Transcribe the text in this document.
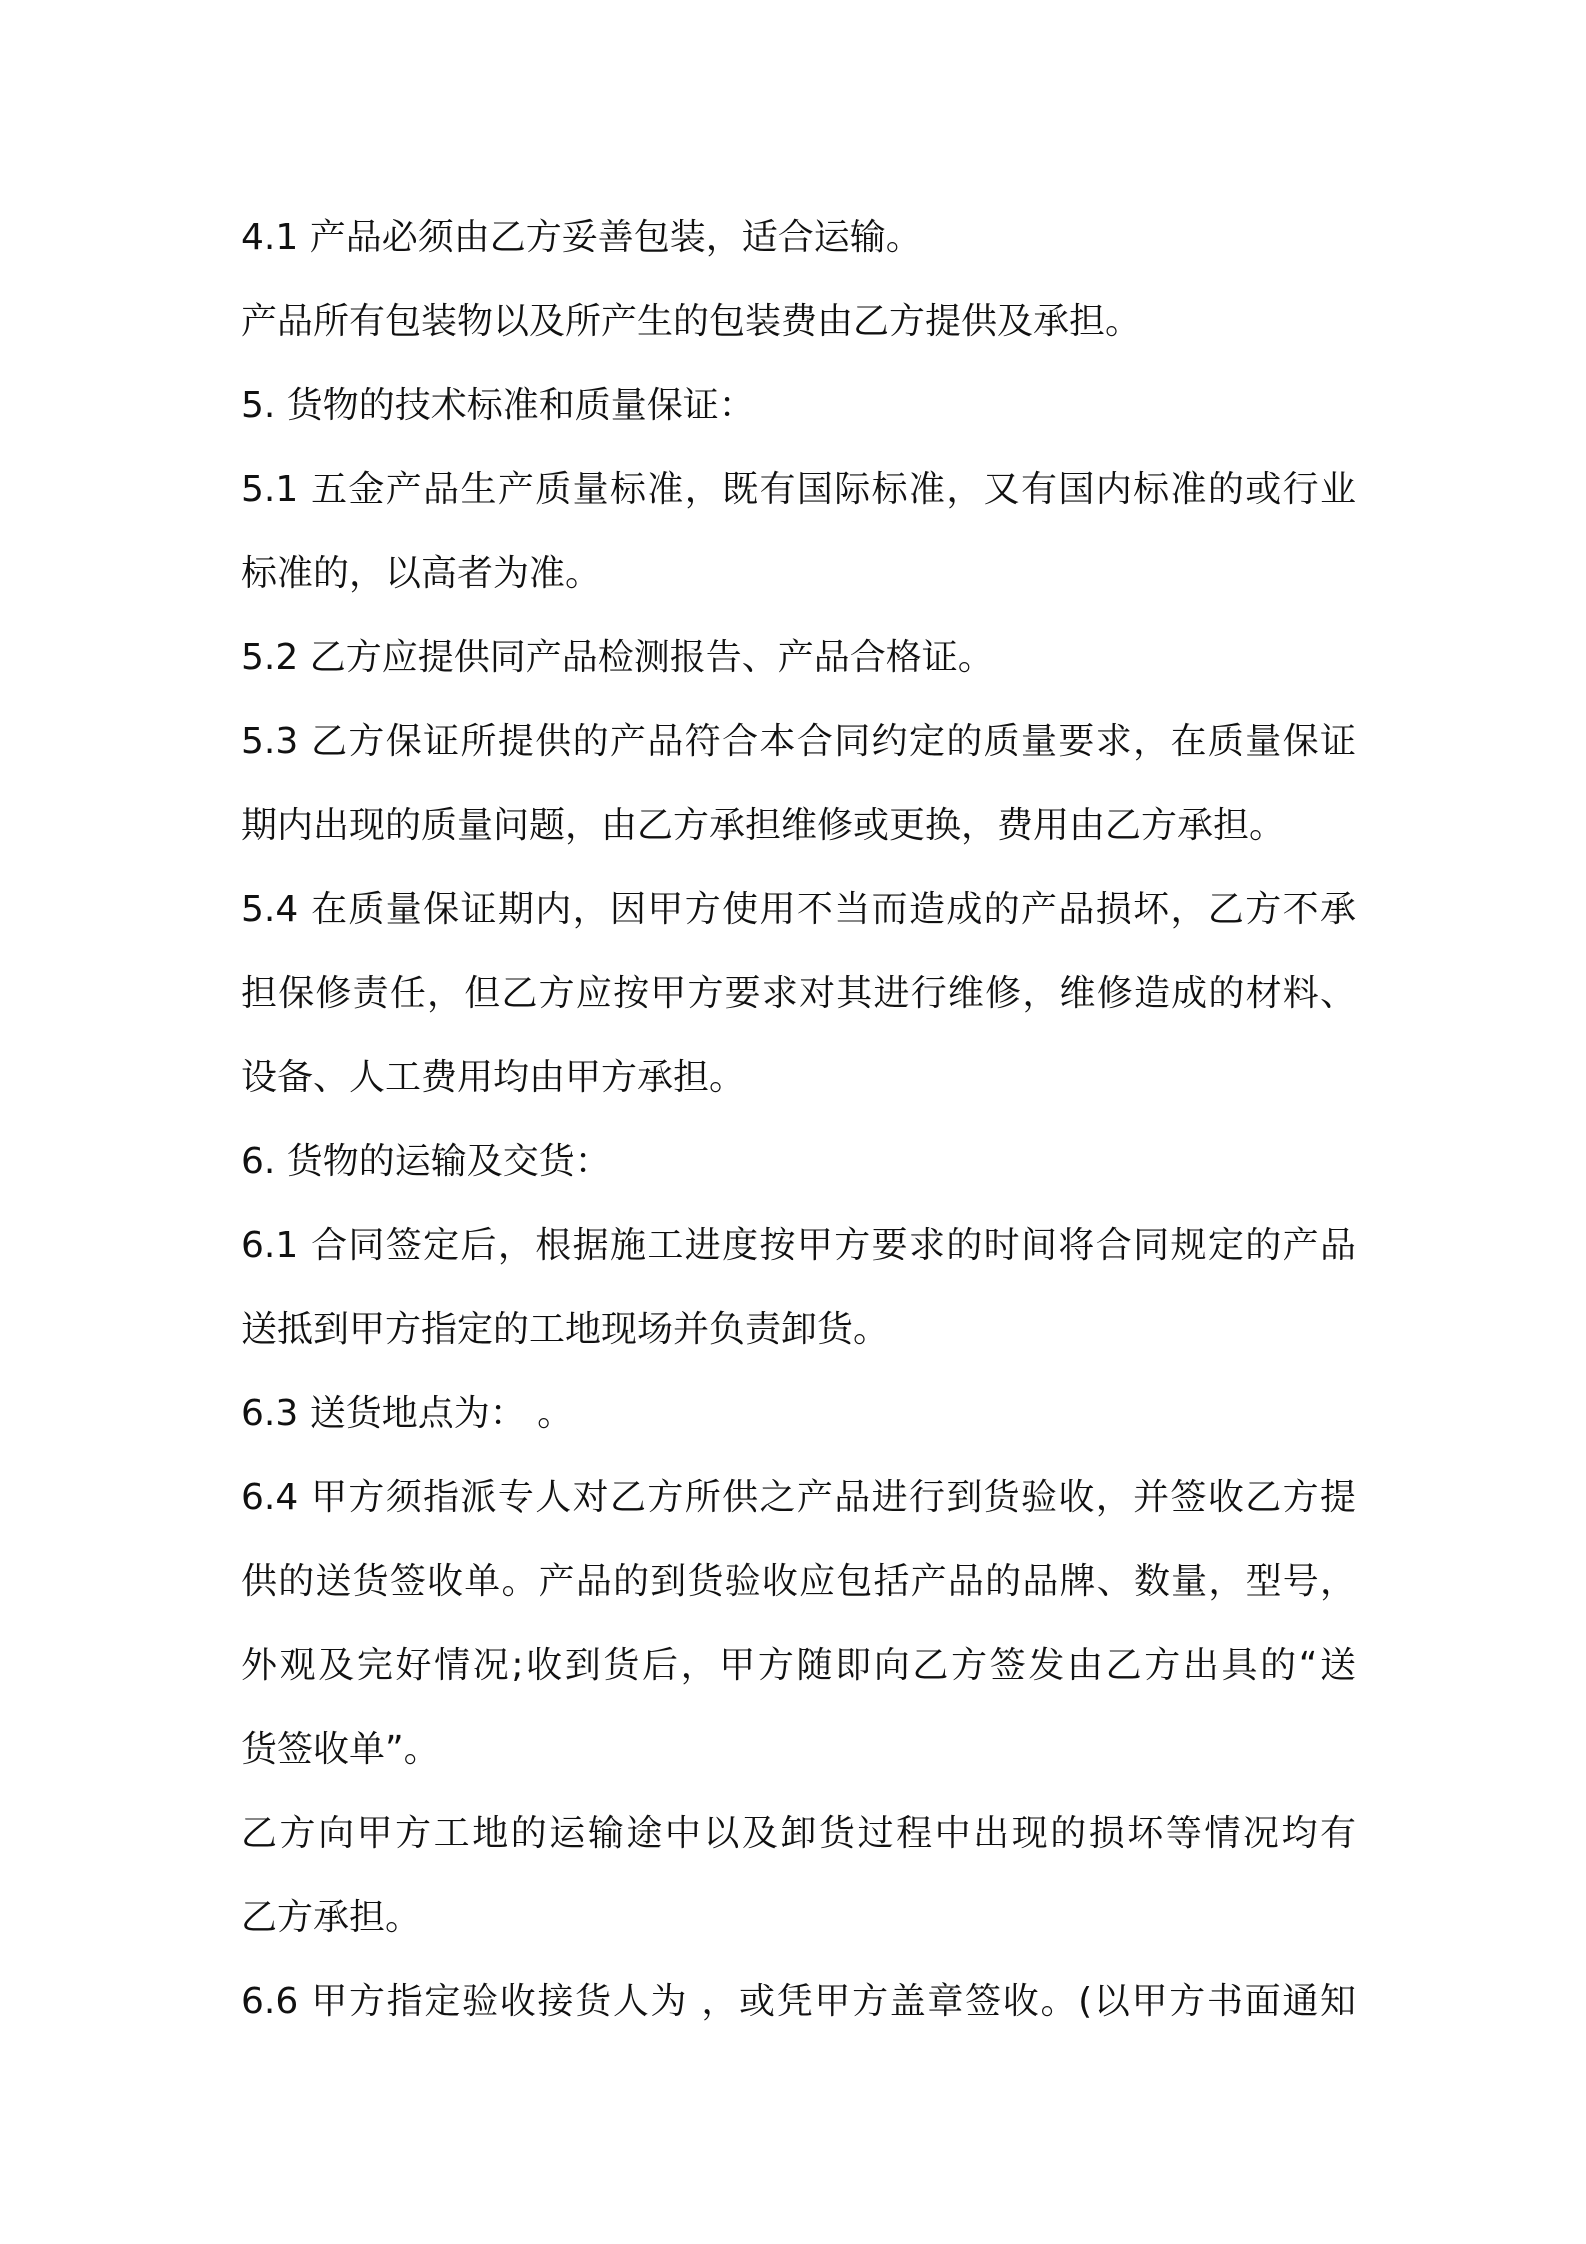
4.1 产品必须由乙方妥善包装，适合运输。
产品所有包装物以及所产生的包装费由乙方提供及承担。
5. 货物的技术标准和质量保证：
5.1 五金产品生产质量标准，既有国际标准，又有国内标准的或行业
标准的，以高者为准。
5.2 乙方应提供同产品检测报告、产品合格证。
5.3 乙方保证所提供的产品符合本合同约定的质量要求，在质量保证
期内出现的质量问题，由乙方承担维修或更换，费用由乙方承担。
5.4 在质量保证期内，因甲方使用不当而造成的产品损坏，乙方不承
担保修责任，但乙方应按甲方要求对其进行维修，维修造成的材料、
设备、人工费用均由甲方承担。
6. 货物的运输及交货：
6.1 合同签定后，根据施工进度按甲方要求的时间将合同规定的产品
送抵到甲方指定的工地现场并负责卸货。
6.3 送货地点为： 。
6.4 甲方须指派专人对乙方所供之产品进行到货验收，并签收乙方提
供的送货签收单。产品的到货验收应包括产品的品牌、数量，型号，
外观及完好情况;收到货后，甲方随即向乙方签发由乙方出具的“送
货签收单”。
乙方向甲方工地的运输途中以及卸货过程中出现的损坏等情况均有
乙方承担。
6.6 甲方指定验收接货人为 ，或凭甲方盖章签收。(以甲方书面通知
